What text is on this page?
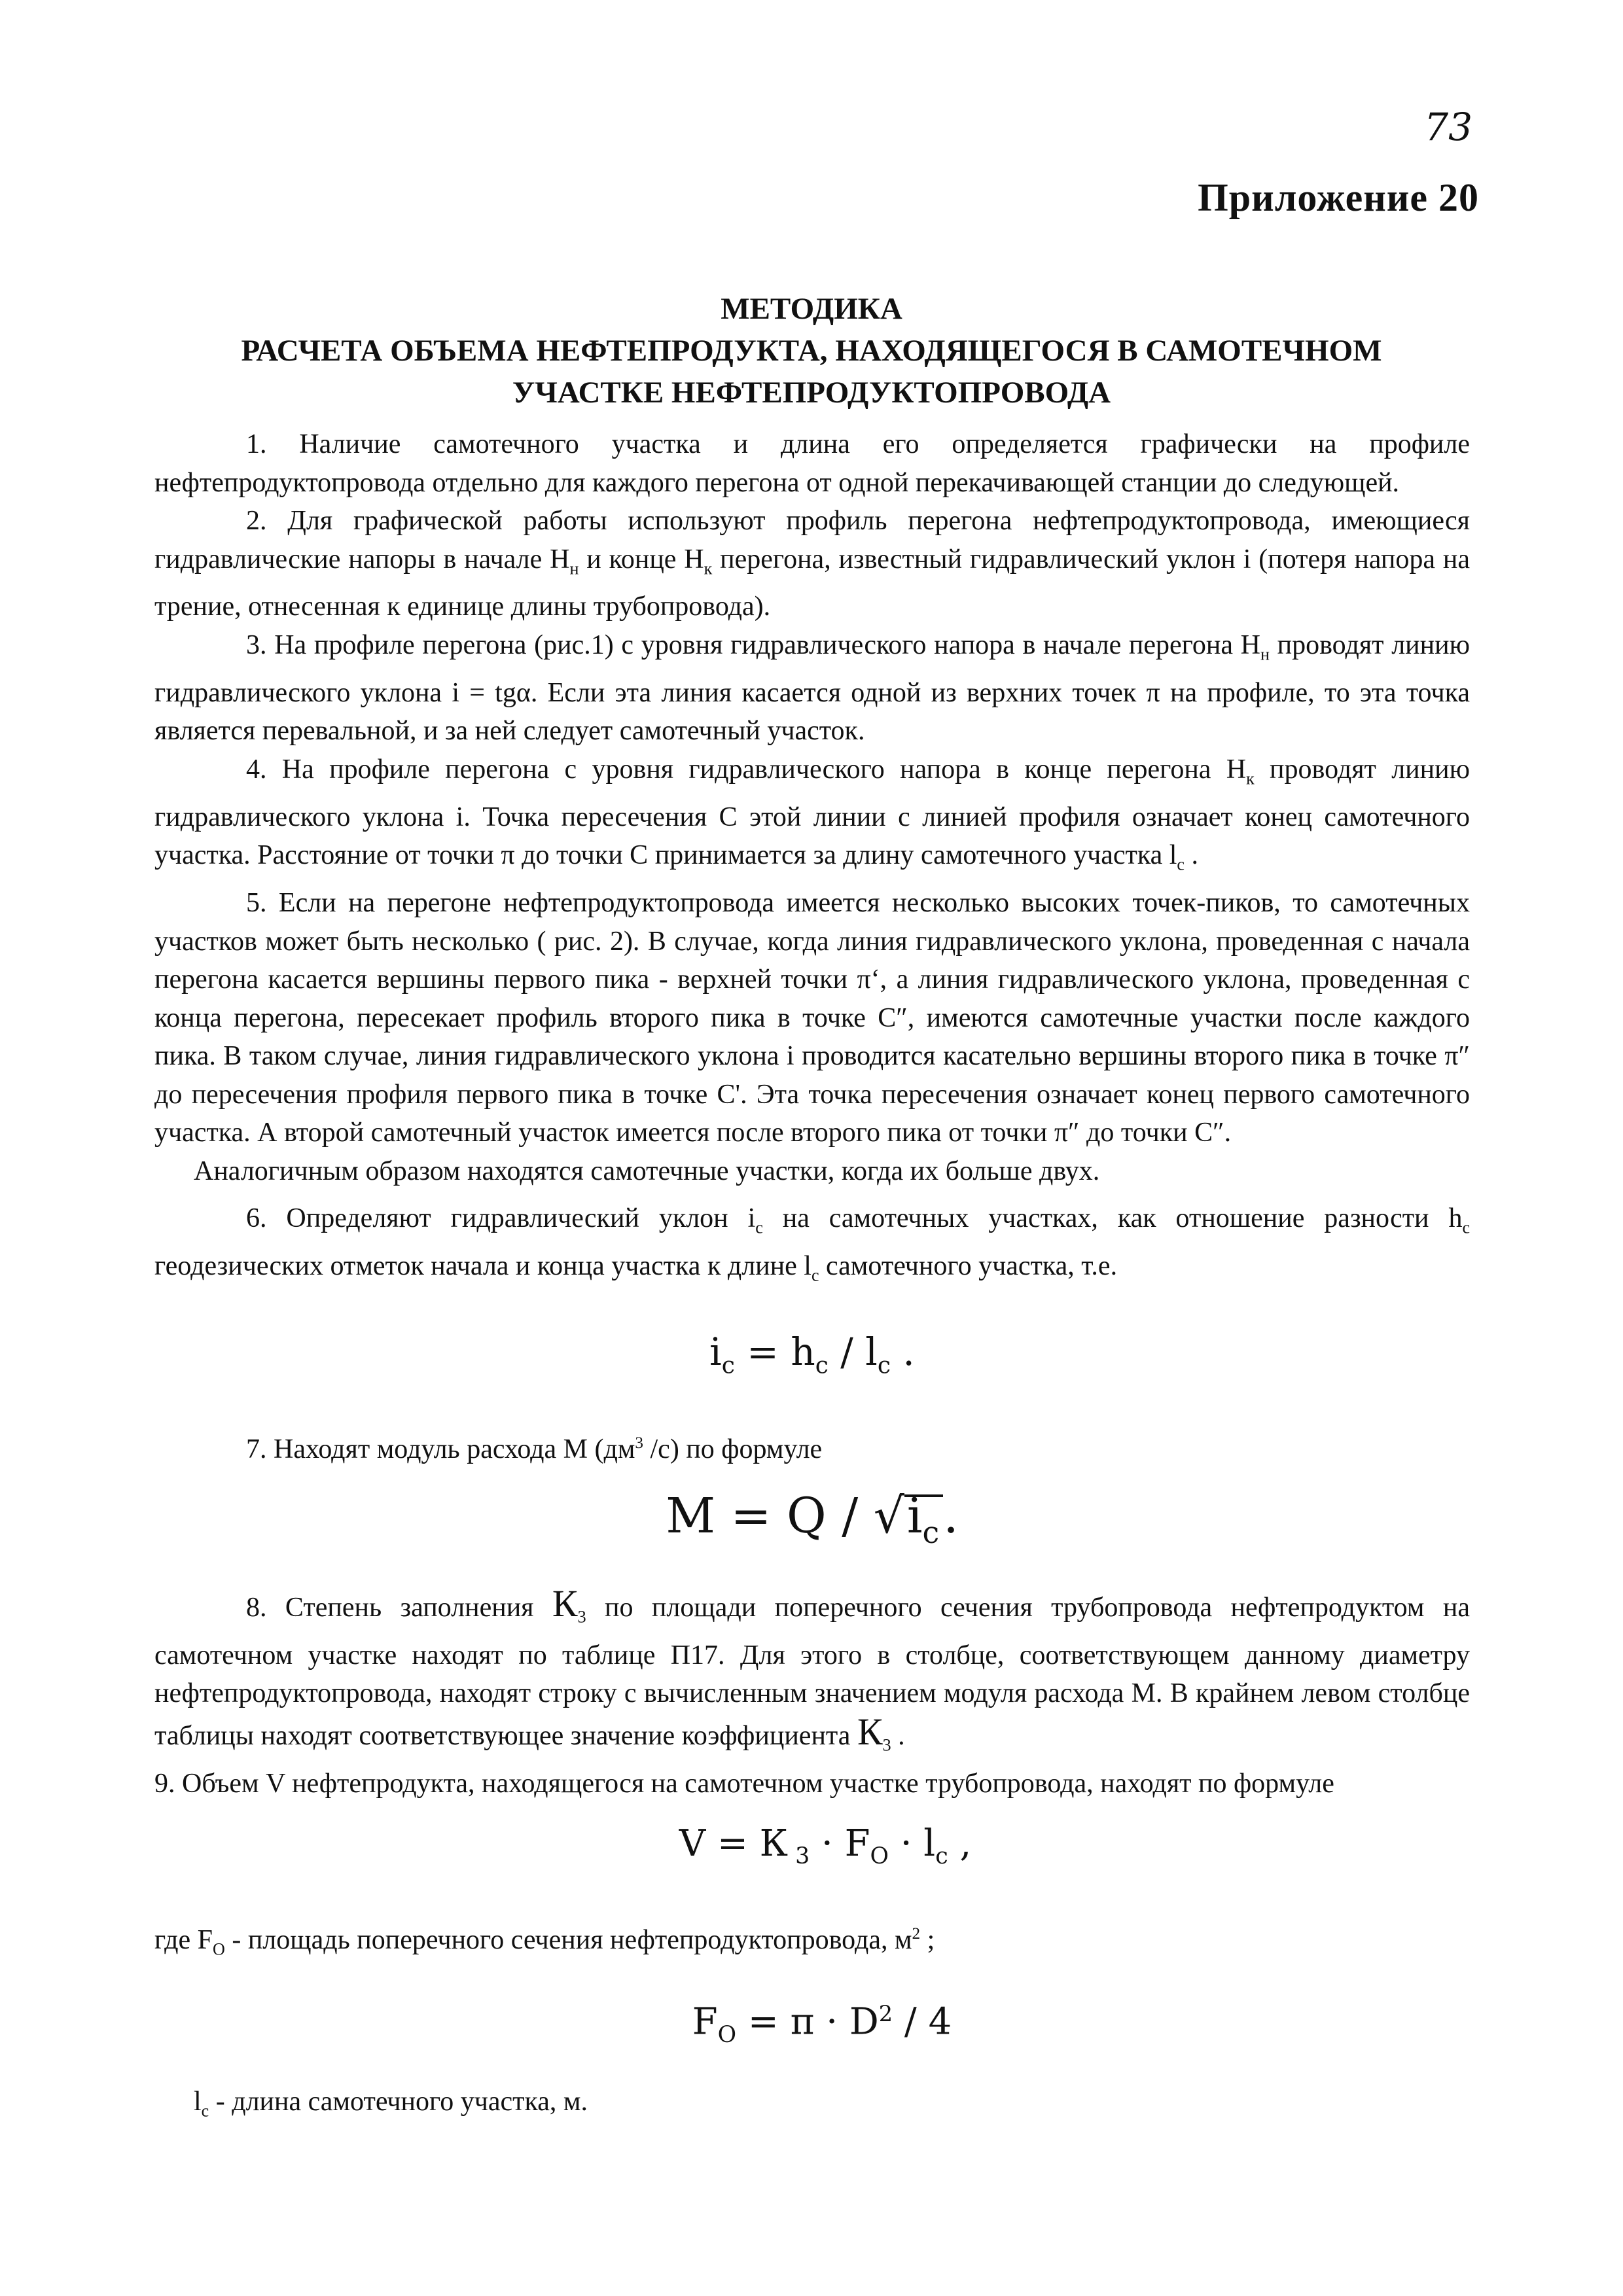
73
Приложение 20
МЕТОДИКА
РАСЧЕТА ОБЪЕМА НЕФТЕПРОДУКТА, НАХОДЯЩЕГОСЯ В САМОТЕЧНОМ
УЧАСТКЕ НЕФТЕПРОДУКТОПРОВОДА

1. Наличие самотечного участка и длина его определяется графически на профиле нефтепродуктопровода отдельно для каждого перегона от одной перекачивающей станции до следующей.

2. Для графической работы используют профиль перегона нефтепродуктопровода, имеющиеся гидравлические напоры в начале $H_н$ и конце $H_к$ перегона, известный гидравлический уклон i (потеря напора на трение, отнесенная к единице длины трубопровода).

3. На профиле перегона (рис.1) с уровня гидравлического напора в начале перегона $H_н$ проводят линию гидравлического уклона i = tgα. Если эта линия касается одной из верхних точек π на профиле, то эта точка является перевальной, и за ней следует самотечный участок.

4. На профиле перегона с уровня гидравлического напора в конце перегона $H_к$ проводят линию гидравлического уклона i. Точка пересечения C этой линии с линией профиля означает конец самотечного участка. Расстояние от точки π до точки C принимается за длину самотечного участка $l_c$ .

5. Если на перегоне нефтепродуктопровода имеется несколько высоких точек-пиков, то самотечных участков может быть несколько ( рис. 2). В случае, когда линия гидравлического уклона, проведенная с начала перегона касается вершины первого пика - верхней точки π‘, а линия гидравлического уклона, проведенная с конца перегона, пересекает профиль второго пика в точке C″, имеются самотечные участки после каждого пика. В таком случае, линия гидравлического уклона i проводится касательно вершины второго пика в точке π″ до пересечения профиля первого пика в точке C'. Эта точка пересечения означает конец первого самотечного участка. А второй самотечный участок имеется после второго пика от точки π″ до точки C″.

Аналогичным образом находятся самотечные участки, когда их больше двух.

6. Определяют гидравлический уклон $i_c$ на самотечных участках, как отношение разности $h_c$ геодезических отметок начала и конца участка к длине $l_c$ самотечного участка, т.е.

$i_c = h_c / l_c$ .

7. Находят модуль расхода M ($дм^3$ /с) по формуле

$M = Q / √i_c$.

8. Степень заполнения $К_3$ по площади поперечного сечения трубопровода нефтепродуктом на самотечном участке находят по таблице П17. Для этого в столбце, соответствующем данному диаметру нефтепродуктопровода, находят строку с вычисленным значением модуля расхода M. В крайнем левом столбце таблицы находят соответствующее значение коэффициента $К_3$ .

9. Объем V нефтепродукта, находящегося на самотечном участке трубопровода, находят по формуле

V = К $_3 \cdot F_O \cdot l_c$ ,

где $F_O$ - площадь поперечного сечения нефтепродуктопровода, $м^2$ ;

$F_O = \pi \cdot D^2 / 4$

$l_c$ - длина самотечного участка, м.
